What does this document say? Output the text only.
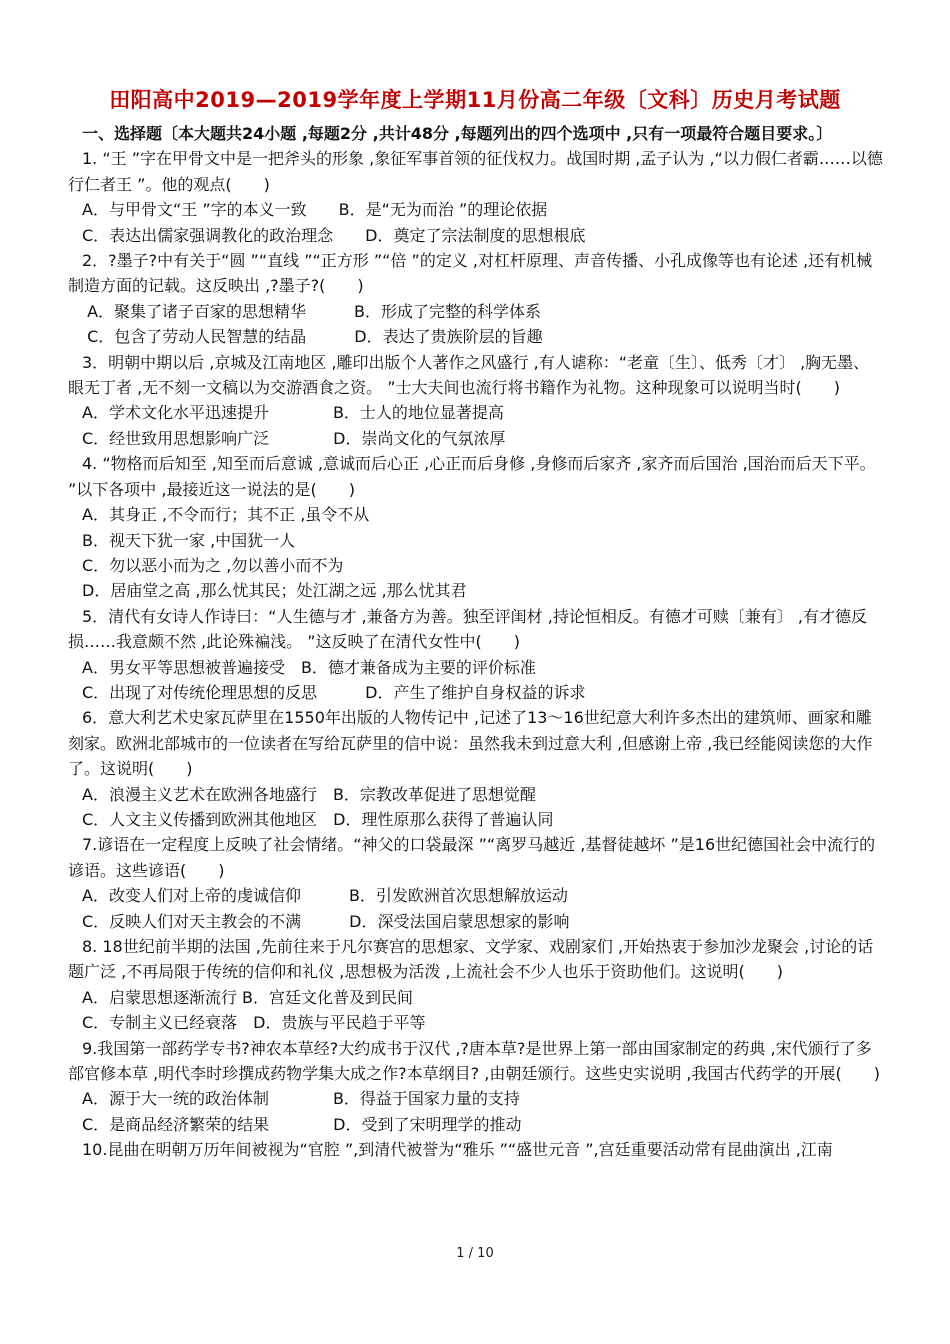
田阳高中2019—2019学年度上学期11月份高二年级〔文科〕历史月考试题

一、选择题〔本大题共24小题 ,每题2分 ,共计48分 ,每题列出的四个选项中 ,只有一项最符合题目要求。〕

1. “王 ”字在甲骨文中是一把斧头的形象 ,象征军事首领的征伐权力。战国时期 ,孟子认为 ,“以力假仁者霸……以德行仁者王 ”。他的观点(　　)

A．与甲骨文“王 ”字的本义一致　　B．是“无为而治 ”的理论依据

C．表达出儒家强调教化的政治理念　　D．奠定了宗法制度的思想根底

2．?墨子?中有关于“圆 ”“直线 ”“正方形 ”“倍 ”的定义 ,对杠杆原理、声音传播、小孔成像等也有论述 ,还有机械制造方面的记载。这反映出 ,?墨子?(　　)

A．聚集了诸子百家的思想精华　　　B．形成了完整的科学体系

C．包含了劳动人民智慧的结晶　　　D．表达了贵族阶层的旨趣

3．明朝中期以后 ,京城及江南地区 ,雕印出版个人著作之风盛行 ,有人谑称：“老童〔生〕、低秀〔才〕 ,胸无墨、眼无丁者 ,无不刻一文稿以为交游酒食之资。 ”士大夫间也流行将书籍作为礼物。这种现象可以说明当时(　　)

A．学术文化水平迅速提升　　　　B．士人的地位显著提高

C．经世致用思想影响广泛　　　　D．崇尚文化的气氛浓厚

4. “物格而后知至 ,知至而后意诚 ,意诚而后心正 ,心正而后身修 ,身修而后家齐 ,家齐而后国治 ,国治而后天下平。 ”以下各项中 ,最接近这一说法的是(　　)

A．其身正 ,不令而行；其不正 ,虽令不从

B．视天下犹一家 ,中国犹一人

C．勿以恶小而为之 ,勿以善小而不为

D．居庙堂之高 ,那么忧其民；处江湖之远 ,那么忧其君

5．清代有女诗人作诗曰：“人生德与才 ,兼备方为善。独至评闺材 ,持论恒相反。有德才可赎〔兼有〕 ,有才德反损……我意颇不然 ,此论殊褊浅。 ”这反映了在清代女性中(　　)

A．男女平等思想被普遍接受　B．德才兼备成为主要的评价标准

C．出现了对传统伦理思想的反思　　　D．产生了维护自身权益的诉求

6．意大利艺术史家瓦萨里在1550年出版的人物传记中 ,记述了13～16世纪意大利许多杰出的建筑师、画家和雕刻家。欧洲北部城市的一位读者在写给瓦萨里的信中说：虽然我未到过意大利 ,但感谢上帝 ,我已经能阅读您的大作了。这说明(　　)

A．浪漫主义艺术在欧洲各地盛行　B．宗教改革促进了思想觉醒

C．人文主义传播到欧洲其他地区　D．理性原那么获得了普遍认同

7.谚语在一定程度上反映了社会情绪。“神父的口袋最深 ”“离罗马越近 ,基督徒越坏 ”是16世纪德国社会中流行的谚语。这些谚语(　　)

A．改变人们对上帝的虔诚信仰　　　B．引发欧洲首次思想解放运动

C．反映人们对天主教会的不满　　　D．深受法国启蒙思想家的影响

8. 18世纪前半期的法国 ,先前往来于凡尔赛宫的思想家、文学家、戏剧家们 ,开始热衷于参加沙龙聚会 ,讨论的话题广泛 ,不再局限于传统的信仰和礼仪 ,思想极为活泼 ,上流社会不少人也乐于资助他们。这说明(　　)

A．启蒙思想逐渐流行 B．宫廷文化普及到民间

C．专制主义已经衰落　D．贵族与平民趋于平等

9.我国第一部药学专书?神农本草经?大约成书于汉代 ,?唐本草?是世界上第一部由国家制定的药典 ,宋代颁行了多部官修本草 ,明代李时珍撰成药物学集大成之作?本草纲目? ,由朝廷颁行。这些史实说明 ,我国古代药学的开展(　　)

A．源于大一统的政治体制　　　　B．得益于国家力量的支持

C．是商品经济繁荣的结果　　　　D．受到了宋明理学的推动

10.昆曲在明朝万历年间被视为“官腔 ”,到清代被誉为“雅乐 ”“盛世元音 ”,宫廷重要活动常有昆曲演出 ,江南

1 / 10
